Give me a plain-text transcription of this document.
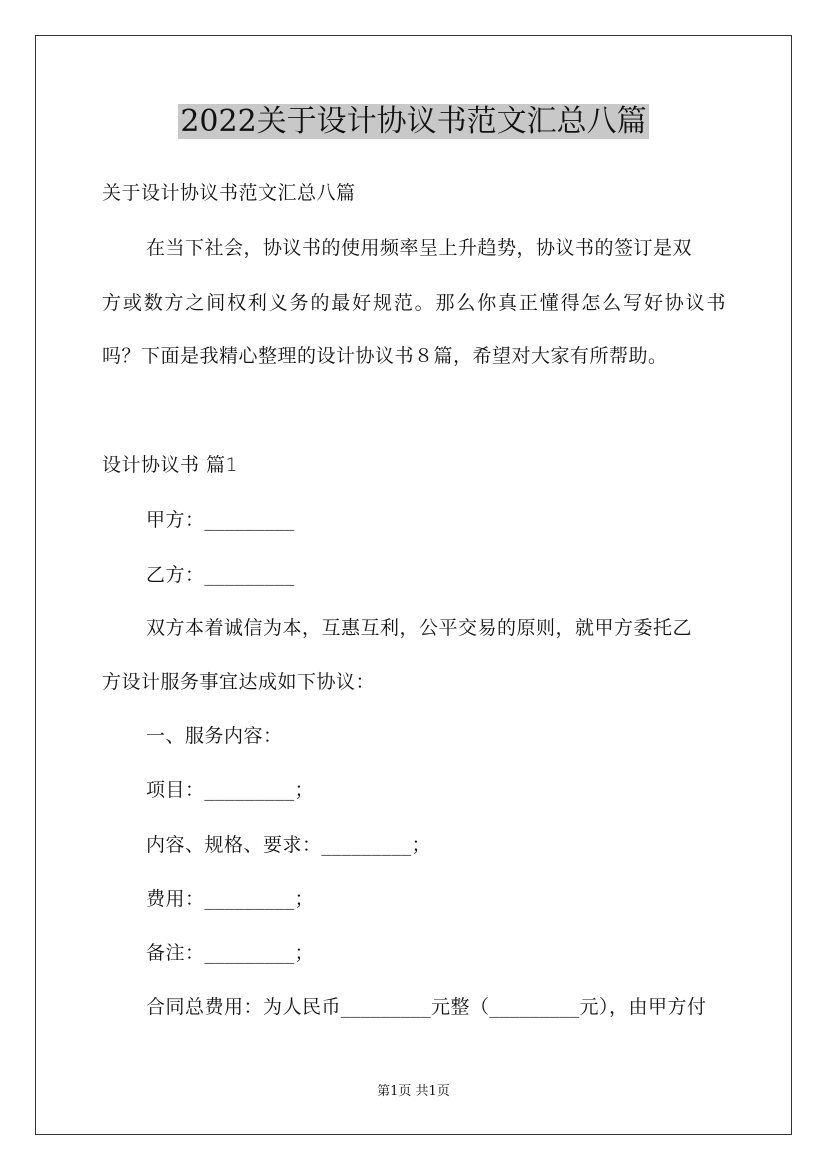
2022关于设计协议书范文汇总八篇
关于设计协议书范文汇总八篇
在当下社会，协议书的使用频率呈上升趋势，协议书的签订是双
方或数方之间权利义务的最好规范。那么你真正懂得怎么写好协议书
吗？下面是我精心整理的设计协议书８篇，希望对大家有所帮助。
设计协议书 篇1
甲方：_________
乙方：_________
双方本着诚信为本，互惠互利，公平交易的原则，就甲方委托乙
方设计服务事宜达成如下协议：
一、服务内容：
项目：_________；
内容、规格、要求：_________；
费用：_________；
备注：_________；
合同总费用：为人民币_________元整（_________元），由甲方付
第1页 共1页
